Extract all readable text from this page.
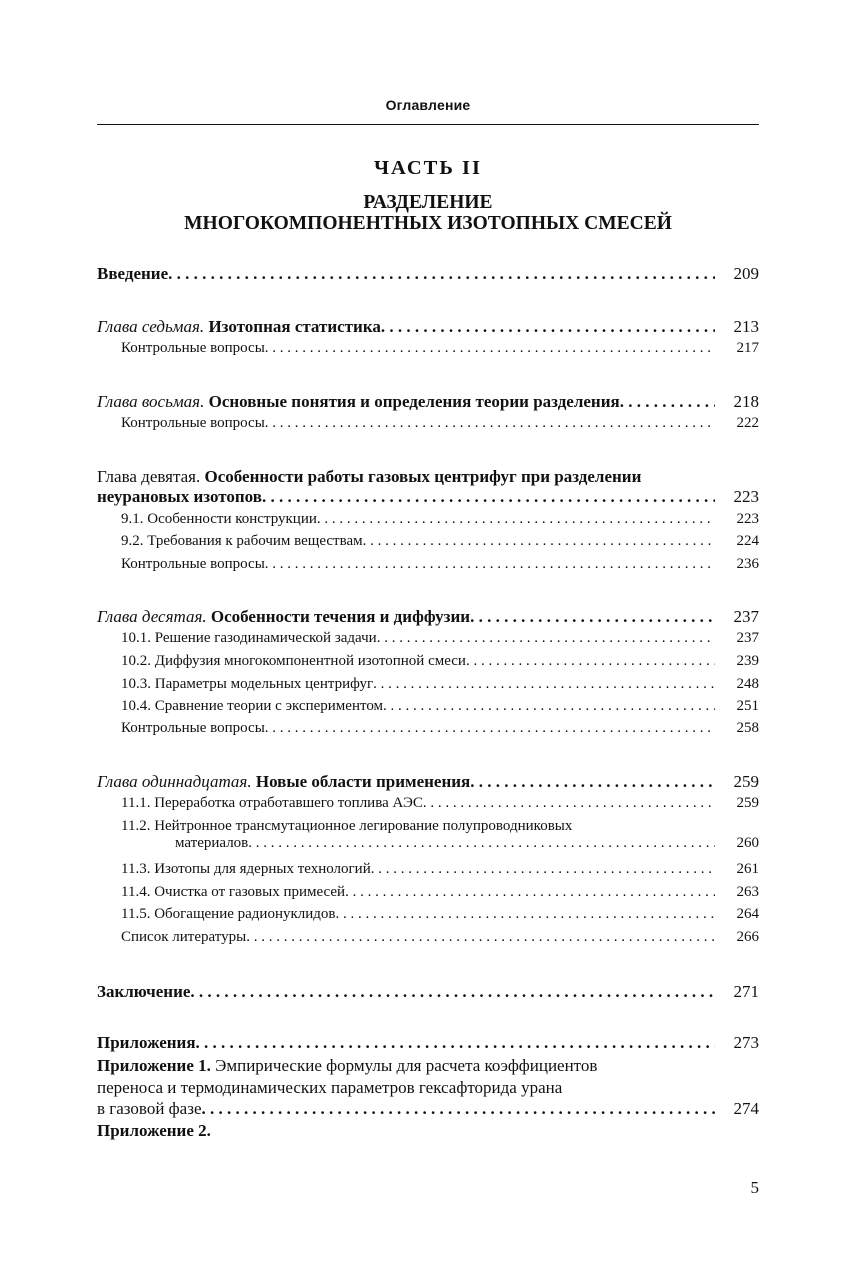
Оглавление
ЧАСТЬ II
РАЗДЕЛЕНИЕ
МНОГОКОМПОНЕНТНЫХ ИЗОТОПНЫХ СМЕСЕЙ
Введение . . .	209
Глава седьмая. Изотопная статистика . . .	213
Контрольные вопросы . . .	217
Глава восьмая. Основные понятия и определения теории разделения . . .	218
Контрольные вопросы . . .	222
Глава девятая. Особенности работы газовых центрифуг при разделении
неурановых изотопов . . .	223
9.1. Особенности конструкции . . .	223
9.2. Требования к рабочим веществам . . .	224
Контрольные вопросы . . .	236
Глава десятая. Особенности течения и диффузии . . .	237
10.1. Решение газодинамической задачи . . .	237
10.2. Диффузия многокомпонентной изотопной смеси . . .	239
10.3. Параметры модельных центрифуг . . .	248
10.4. Сравнение теории с экспериментом . . .	251
Контрольные вопросы . . .	258
Глава одиннадцатая. Новые области применения . . .	259
11.1. Переработка отработавшего топлива АЭС . . .	259
11.2. Нейтронное трансмутационное легирование полупроводниковых
материалов . . .	260
11.3. Изотопы для ядерных технологий . . .	261
11.4. Очистка от газовых примесей . . .	263
11.5. Обогащение радионуклидов . . .	264
Список литературы . . .	266
Заключение . . .	271
Приложения . . .	273
Приложение 1. Эмпирические формулы для расчета коэффициентов
переноса и термодинамических параметров гексафторида урана
в газовой фазе . . .	274
Приложение 2.
5
